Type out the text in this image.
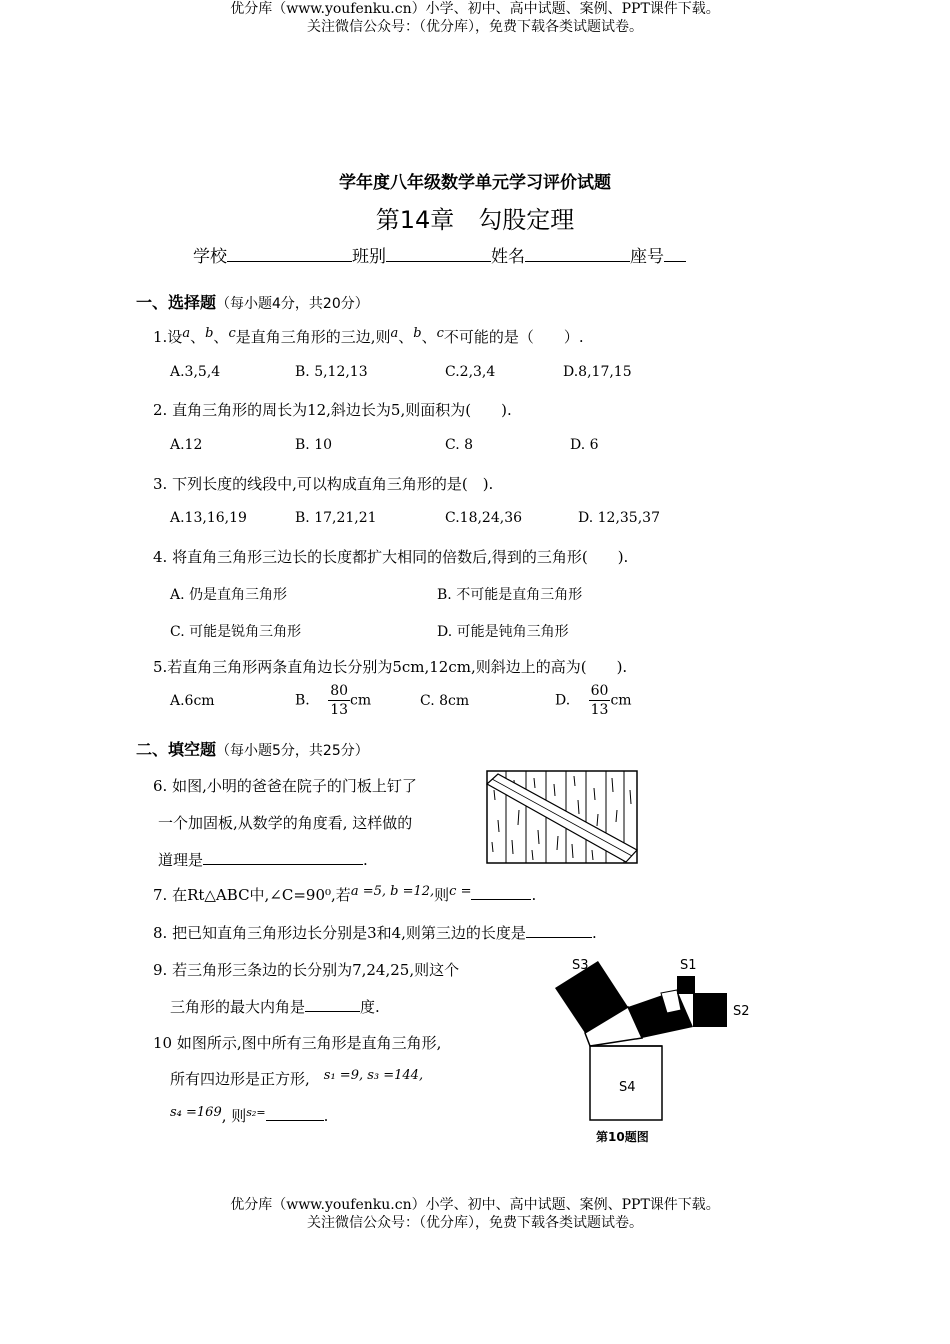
优分库（www.youfenku.cn）小学、初中、高中试题、案例、PPT课件下载。
关注微信公众号：（优分库），免费下载各类试题试卷。
学年度八年级数学单元学习评价试题
第14章　勾股定理
学校	班别	姓名	座号
一、选择题（每小题4分，共20分）
1.设a、b、c是直角三角形的三边,则a、b、c不可能的是（　　）.
A.3,5,4	B. 5,12,13	C.2,3,4	D.8,17,15
2. 直角三角形的周长为12,斜边长为5,则面积为(　　).
A.12	B. 10	C. 8	D. 6
3. 下列长度的线段中,可以构成直角三角形的是(　).
A.13,16,19	B. 17,21,21	C.18,24,36	D. 12,35,37
4. 将直角三角形三边长的长度都扩大相同的倍数后,得到的三角形(　　).
A. 仍是直角三角形	B. 不可能是直角三角形
C. 可能是锐角三角形	D. 可能是钝角三角形
5.若直角三角形两条直角边长分别为5cm,12cm,则斜边上的高为(　　).
A.6cm	B. $\frac{80}{13}$ cm	C. 8cm	D. $\frac{60}{13}$ cm
二、填空题（每小题5分，共25分）
6. 如图,小明的爸爸在院子的门板上钉了
一个加固板,从数学的角度看, 这样做的
道理是	.
7. 在Rt△ABC中,∠C=90⁰,若a =5, b =12,则c =	.
8. 把已知直角三角形边长分别是3和4,则第三边的长度是	.
9. 若三角形三条边的长分别为7,24,25,则这个
三角形的最大内角是	度.
10 如图所示,图中所有三角形是直角三角形,
所有四边形是正方形, s₁ =9, s₃ =144,
s₄ =169, 则$^{s_2=}$	.
S3	S1
S2
S4
第10题图
优分库（www.youfenku.cn）小学、初中、高中试题、案例、PPT课件下载。
关注微信公众号：（优分库），免费下载各类试题试卷。
